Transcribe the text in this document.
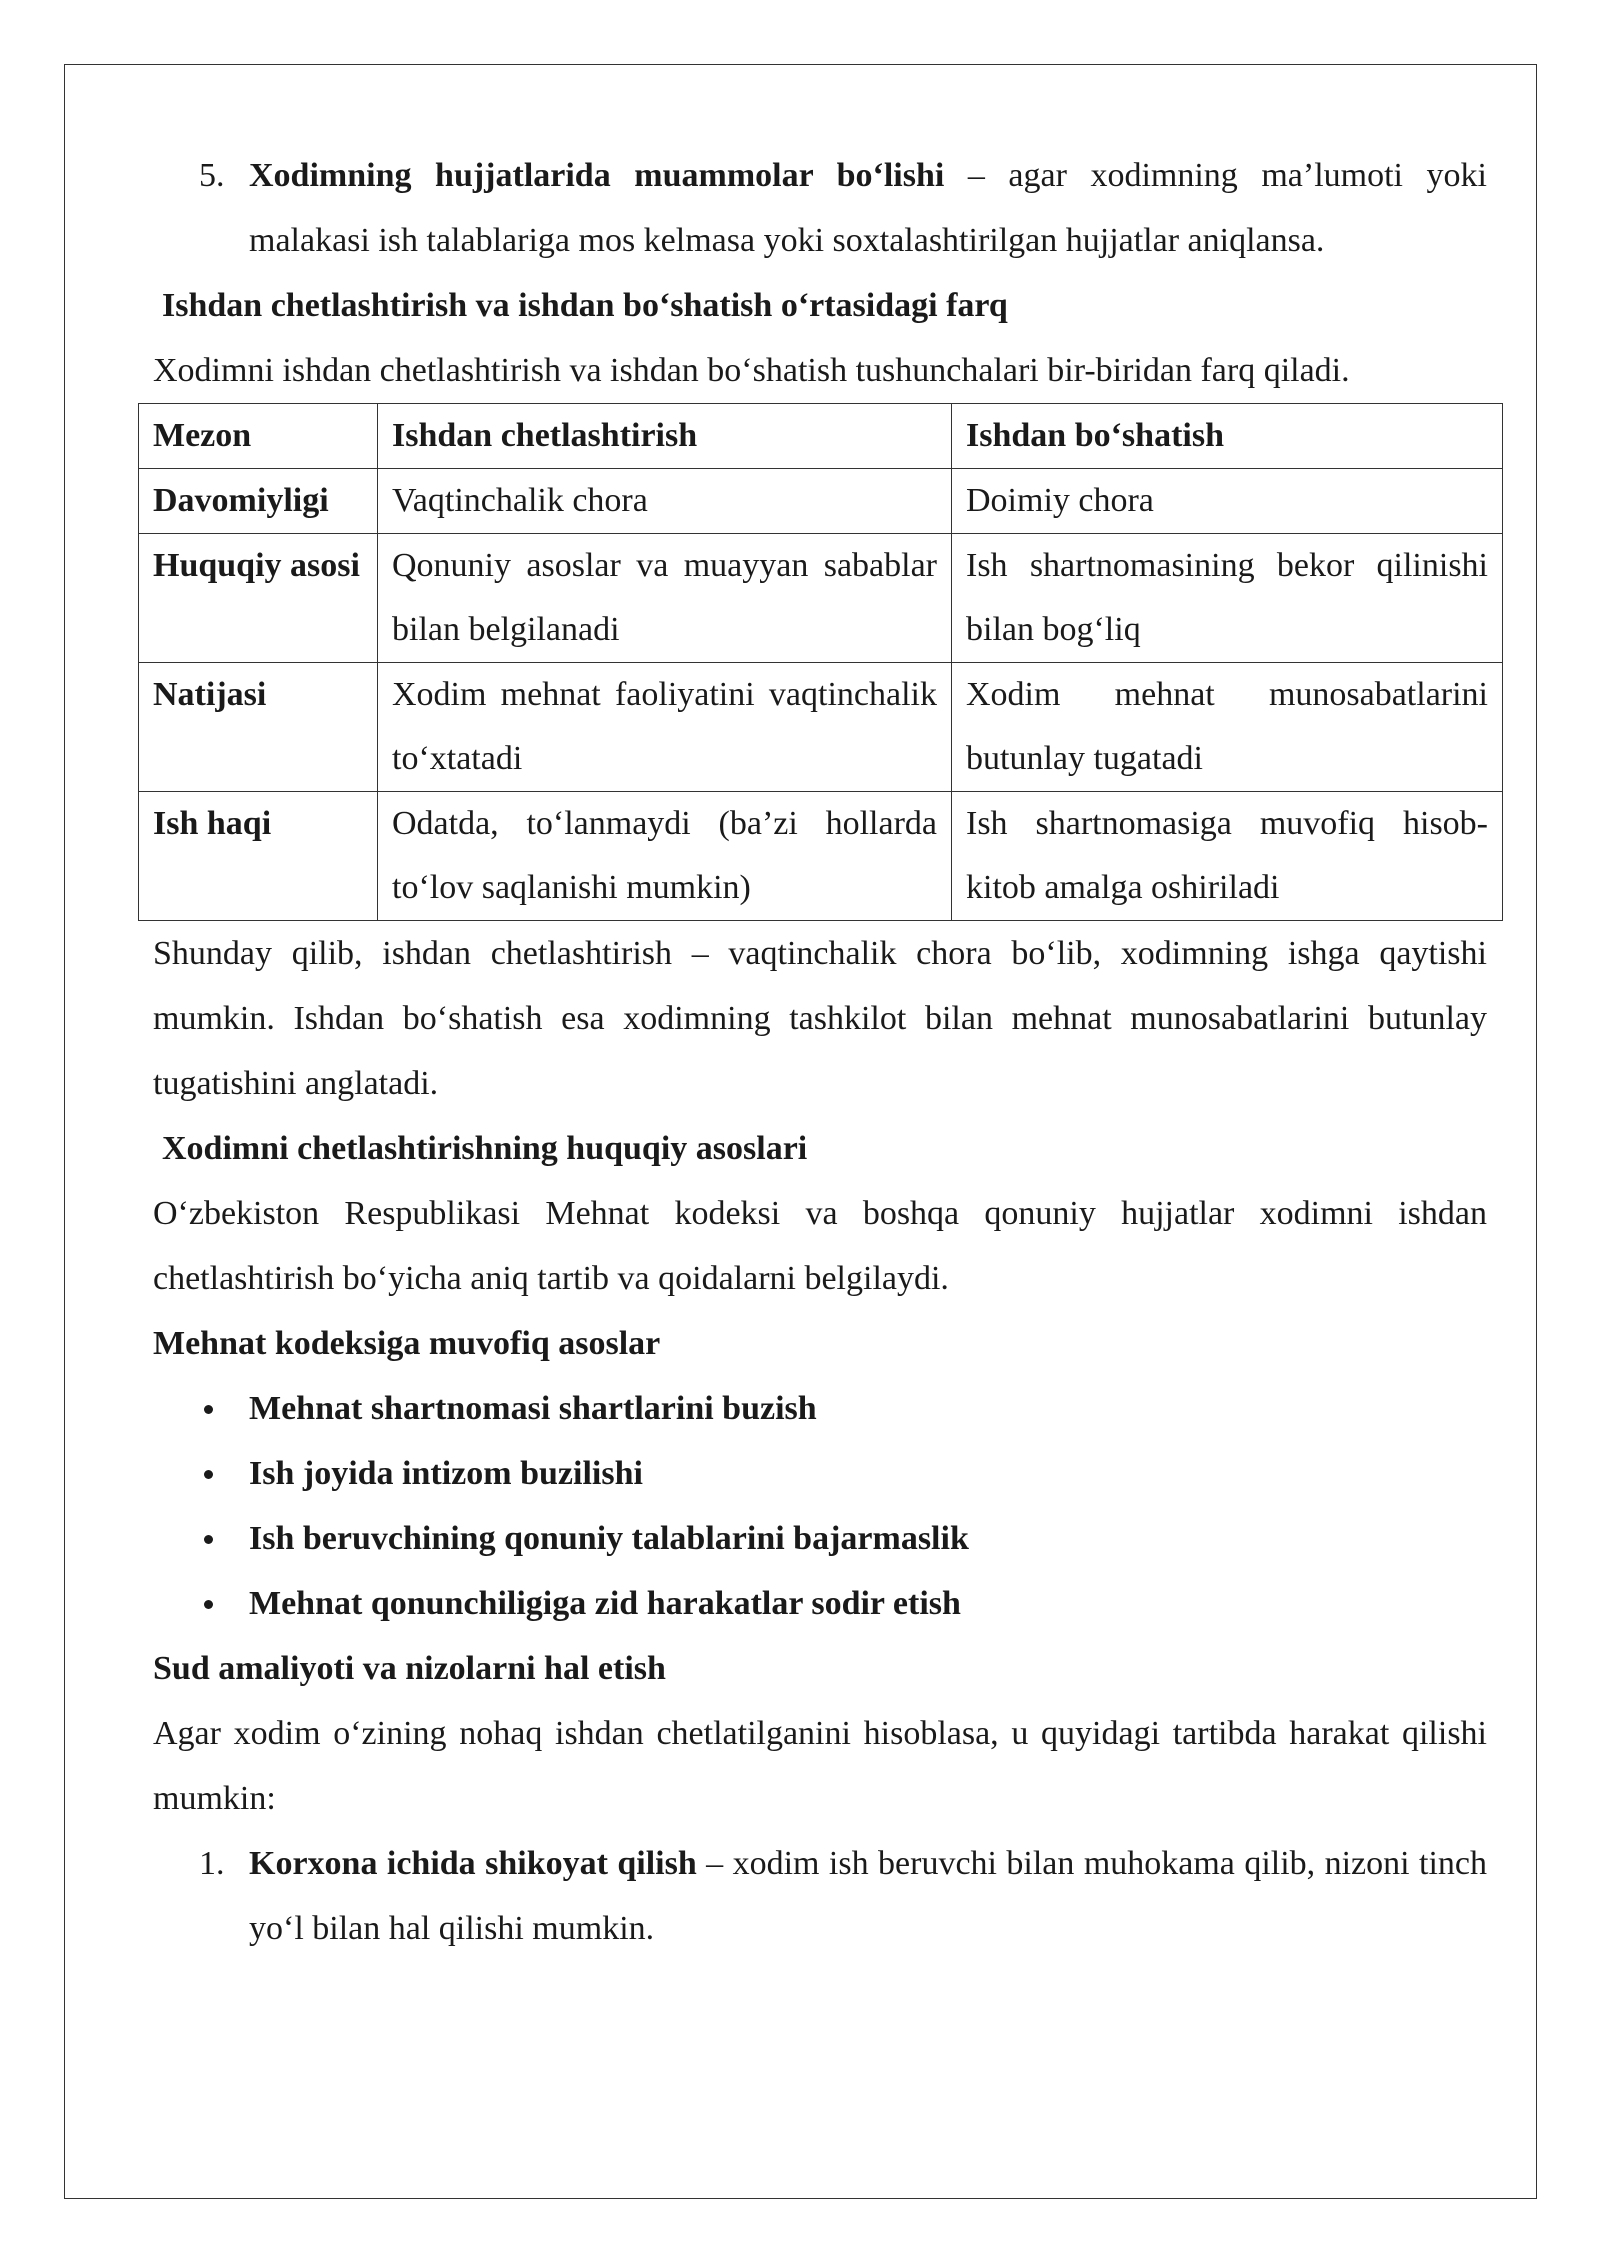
5. Xodimning hujjatlarida muammolar bo‘lishi – agar xodimning ma’lumoti yoki malakasi ish talablariga mos kelmasa yoki soxtalashtirilgan hujjatlar aniqlansa.

Ishdan chetlashtirish va ishdan bo‘shatish o‘rtasidagi farq

Xodimni ishdan chetlashtirish va ishdan bo‘shatish tushunchalari bir-biridan farq qiladi.

Mezon	Ishdan chetlashtirish	Ishdan bo‘shatish
Davomiyligi	Vaqtinchalik chora	Doimiy chora
Huquqiy asosi	Qonuniy asoslar va muayyan sabablar bilan belgilanadi	Ish shartnomasining bekor qilinishi bilan bog‘liq
Natijasi	Xodim mehnat faoliyatini vaqtinchalik to‘xtatadi	Xodim mehnat munosabatlarini butunlay tugatadi
Ish haqi	Odatda, to‘lanmaydi (ba’zi hollarda to‘lov saqlanishi mumkin)	Ish shartnomasiga muvofiq hisob-kitob amalga oshiriladi

Shunday qilib, ishdan chetlashtirish – vaqtinchalik chora bo‘lib, xodimning ishga qaytishi mumkin. Ishdan bo‘shatish esa xodimning tashkilot bilan mehnat munosabatlarini butunlay tugatishini anglatadi.

Xodimni chetlashtirishning huquqiy asoslari

O‘zbekiston Respublikasi Mehnat kodeksi va boshqa qonuniy hujjatlar xodimni ishdan chetlashtirish bo‘yicha aniq tartib va qoidalarni belgilaydi.

Mehnat kodeksiga muvofiq asoslar

Mehnat shartnomasi shartlarini buzish
Ish joyida intizom buzilishi
Ish beruvchining qonuniy talablarini bajarmaslik
Mehnat qonunchiligiga zid harakatlar sodir etish

Sud amaliyoti va nizolarni hal etish

Agar xodim o‘zining nohaq ishdan chetlatilganini hisoblasa, u quyidagi tartibda harakat qilishi mumkin:

1. Korxona ichida shikoyat qilish – xodim ish beruvchi bilan muhokama qilib, nizoni tinch yo‘l bilan hal qilishi mumkin.
